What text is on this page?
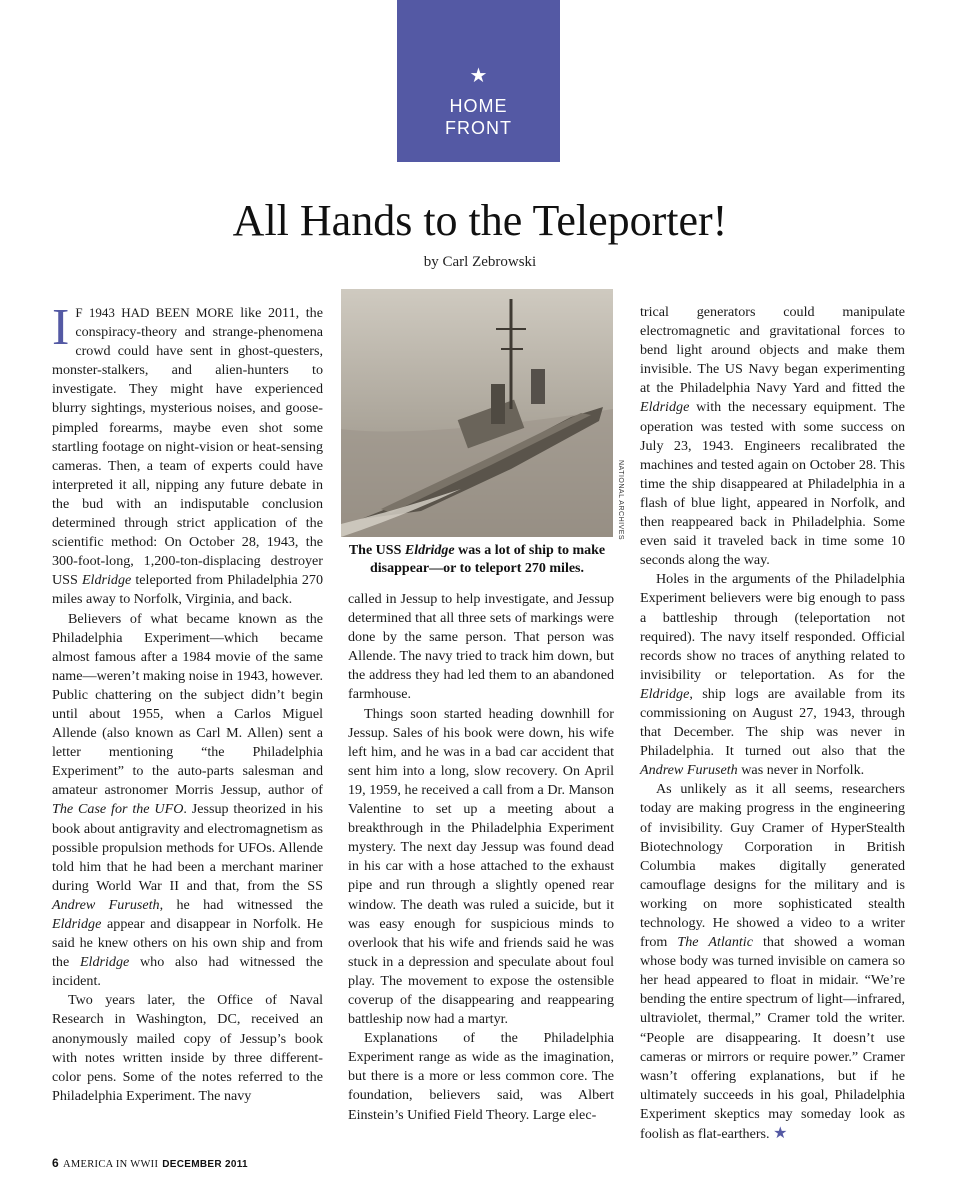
★
HOME
FRONT
All Hands to the Teleporter!
by Carl Zebrowski

I F 1943 HAD BEEN MORE like 2011, the conspiracy-theory and strange-phenomena crowd could have sent in ghost-questers, monster-stalkers, and alien-hunters to investigate. They might have experienced blurry sightings, mysterious noises, and goose-pimpled forearms, maybe even shot some startling footage on night-vision or heat-sensing cameras. Then, a team of experts could have interpreted it all, nipping any future debate in the bud with an indisputable conclusion determined through strict application of the scientific method: On October 28, 1943, the 300-foot-long, 1,200-ton-displacing destroyer USS Eldridge teleported from Philadelphia 270 miles away to Norfolk, Virginia, and back.

Believers of what became known as the Philadelphia Experiment—which became almost famous after a 1984 movie of the same name—weren’t making noise in 1943, however. Public chattering on the subject didn’t begin until about 1955, when a Carlos Miguel Allende (also known as Carl M. Allen) sent a letter mentioning “the Philadelphia Experiment” to the auto-parts salesman and amateur astronomer Morris Jessup, author of The Case for the UFO. Jessup theorized in his book about antigravity and electromagnetism as possible propulsion methods for UFOs. Allende told him that he had been a merchant mariner during World War II and that, from the SS Andrew Furuseth, he had witnessed the Eldridge appear and disappear in Norfolk. He said he knew others on his own ship and from the Eldridge who also had witnessed the incident.

Two years later, the Office of Naval Research in Washington, DC, received an anonymously mailed copy of Jessup’s book with notes written inside by three different-color pens. Some of the notes referred to the Philadelphia Experiment. The navy

NATIONAL ARCHIVES
The USS Eldridge was a lot of ship to make disappear—or to teleport 270 miles.

called in Jessup to help investigate, and Jessup determined that all three sets of markings were done by the same person. That person was Allende. The navy tried to track him down, but the address they had led them to an abandoned farmhouse.

Things soon started heading downhill for Jessup. Sales of his book were down, his wife left him, and he was in a bad car accident that sent him into a long, slow recovery. On April 19, 1959, he received a call from a Dr. Manson Valentine to set up a meeting about a breakthrough in the Philadelphia Experiment mystery. The next day Jessup was found dead in his car with a hose attached to the exhaust pipe and run through a slightly opened rear window. The death was ruled a suicide, but it was easy enough for suspicious minds to overlook that his wife and friends said he was stuck in a depression and speculate about foul play. The movement to expose the ostensible coverup of the disappearing and reappearing battleship now had a martyr.

Explanations of the Philadelphia Experiment range as wide as the imagination, but there is a more or less common core. The foundation, believers said, was Albert Einstein’s Unified Field Theory. Large elec-

trical generators could manipulate electromagnetic and gravitational forces to bend light around objects and make them invisible. The US Navy began experimenting at the Philadelphia Navy Yard and fitted the Eldridge with the necessary equipment. The operation was tested with some success on July 23, 1943. Engineers recalibrated the machines and tested again on October 28. This time the ship disappeared at Philadelphia in a flash of blue light, appeared in Norfolk, and then reappeared back in Philadelphia. Some even said it traveled back in time some 10 seconds along the way.

Holes in the arguments of the Philadelphia Experiment believers were big enough to pass a battleship through (teleportation not required). The navy itself responded. Official records show no traces of anything related to invisibility or teleportation. As for the Eldridge, ship logs are available from its commissioning on August 27, 1943, through that December. The ship was never in Philadelphia. It turned out also that the Andrew Furuseth was never in Norfolk.

As unlikely as it all seems, researchers today are making progress in the engineering of invisibility. Guy Cramer of HyperStealth Biotechnology Corporation in British Columbia makes digitally generated camouflage designs for the military and is working on more sophisticated stealth technology. He showed a video to a writer from The Atlantic that showed a woman whose body was turned invisible on camera so her head appeared to float in midair. “We’re bending the entire spectrum of light—infrared, ultraviolet, thermal,” Cramer told the writer. “People are disappearing. It doesn’t use cameras or mirrors or require power.” Cramer wasn’t offering explanations, but if he ultimately succeeds in his goal, Philadelphia Experiment skeptics may someday look as foolish as flat-earthers. ★

6 AMERICA IN WWII DECEMBER 2011
